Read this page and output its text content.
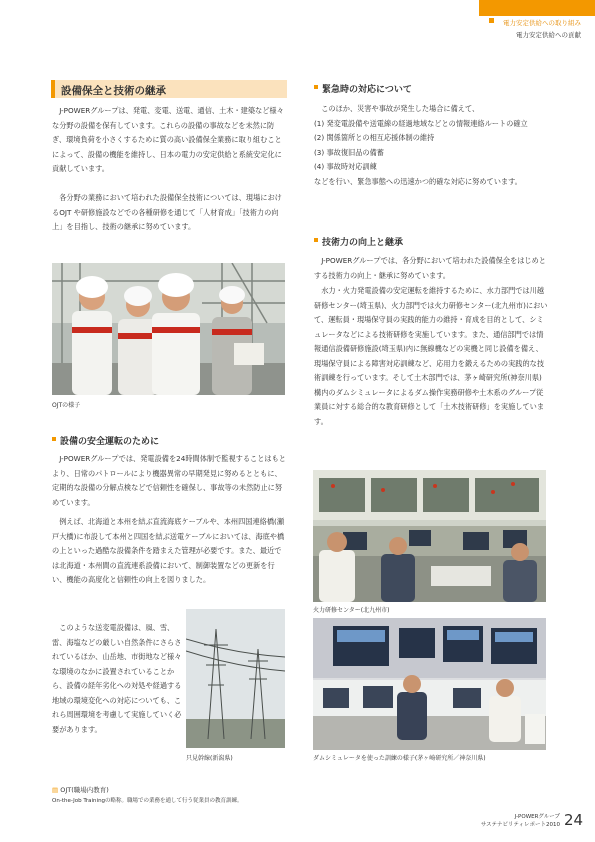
電力安定供給への取り組み
電力安定供給への貢献
設備保全と技術の継承
J-POWERグループは、発電、変電、送電、通信、土木・建築など様々な分野の設備を保有しています。これらの設備の事故などを未然に防ぎ、環境負荷を小さくするために質の高い設備保全業務に取り組むことによって、設備の機能を維持し、日本の電力の安定供給と系統安定化に貢献しています。
各分野の業務において培われた設備保全技術については、現場におけるOJT や研修施設などでの各種研修を通じて「人材育成」「技術力の向上」を目指し、技術の継承に努めています。
OJTの様子
設備の安全運転のために
J-POWERグループでは、発電設備を24時間体制で監視することはもとより、日常のパトロールにより機器異常の早期発見に努めるとともに、定期的な設備の分解点検などで信頼性を確保し、事故等の未然防止に努めています。
例えば、北海道と本州を結ぶ直流海底ケーブルや、本州四国連絡橋(瀬戸大橋)に布設して本州と四国を結ぶ送電ケーブルにおいては、海底や橋の上といった過酷な設備条件を踏まえた管理が必要です。また、最近では北海道・本州間の直流連系設備において、制御装置などの更新を行い、機能の高度化と信頼性の向上を図りました。
このような送変電設備は、風、雪、雷、海塩などの厳しい自然条件にさらされているほか、山岳地、市街地など様々な環境のなかに設置されていることから、設備の経年劣化への対処や経過する地域の環境変化への対応についても、これら周囲環境を考慮して実施していく必要があります。
只見幹線(新潟県)
緊急時の対応について
このほか、災害や事故が発生した場合に備えて、
(1) 発変電設備や送電線の経過地域などとの情報連絡ルートの確立
(2) 関係箇所との相互応援体制の維持
(3) 事故復旧品の備蓄
(4) 事故時対応訓練
などを行い、緊急事態への迅速かつ的確な対応に努めています。
技術力の向上と継承
J-POWERグループでは、各分野において培われた設備保全をはじめとする技術力の向上・継承に努めています。
水力・火力発電設備の安定運転を維持するために、水力部門では川越研修センター(埼玉県)、火力部門では火力研修センター(北九州市)において、運転員・現場保守員の実践的能力の維持・育成を目的として、シミュレータなどによる技術研修を実施しています。また、通信部門では情報通信設備研修施設(埼玉県)内に無線機などの実機と同じ設備を備え、現場保守員による障害対応訓練など、応用力を鍛えるための実践的な技術訓練を行っています。そして土木部門では、茅ヶ崎研究所(神奈川県)構内のダムシミュレータによるダム操作実務研修や土木系のグループ従業員に対する総合的な教育研修として「土木技術研修」を実施しています。
火力研修センター(北九州市)
ダムシミュレータを使った訓練の様子(茅ヶ崎研究所／神奈川県)
▤ OJT(職場内教育)
On-the-Job Trainingの略称。職場での業務を通して行う従業員の教育訓練。
J-POWERグループ
サステナビリティレポート2010 24
